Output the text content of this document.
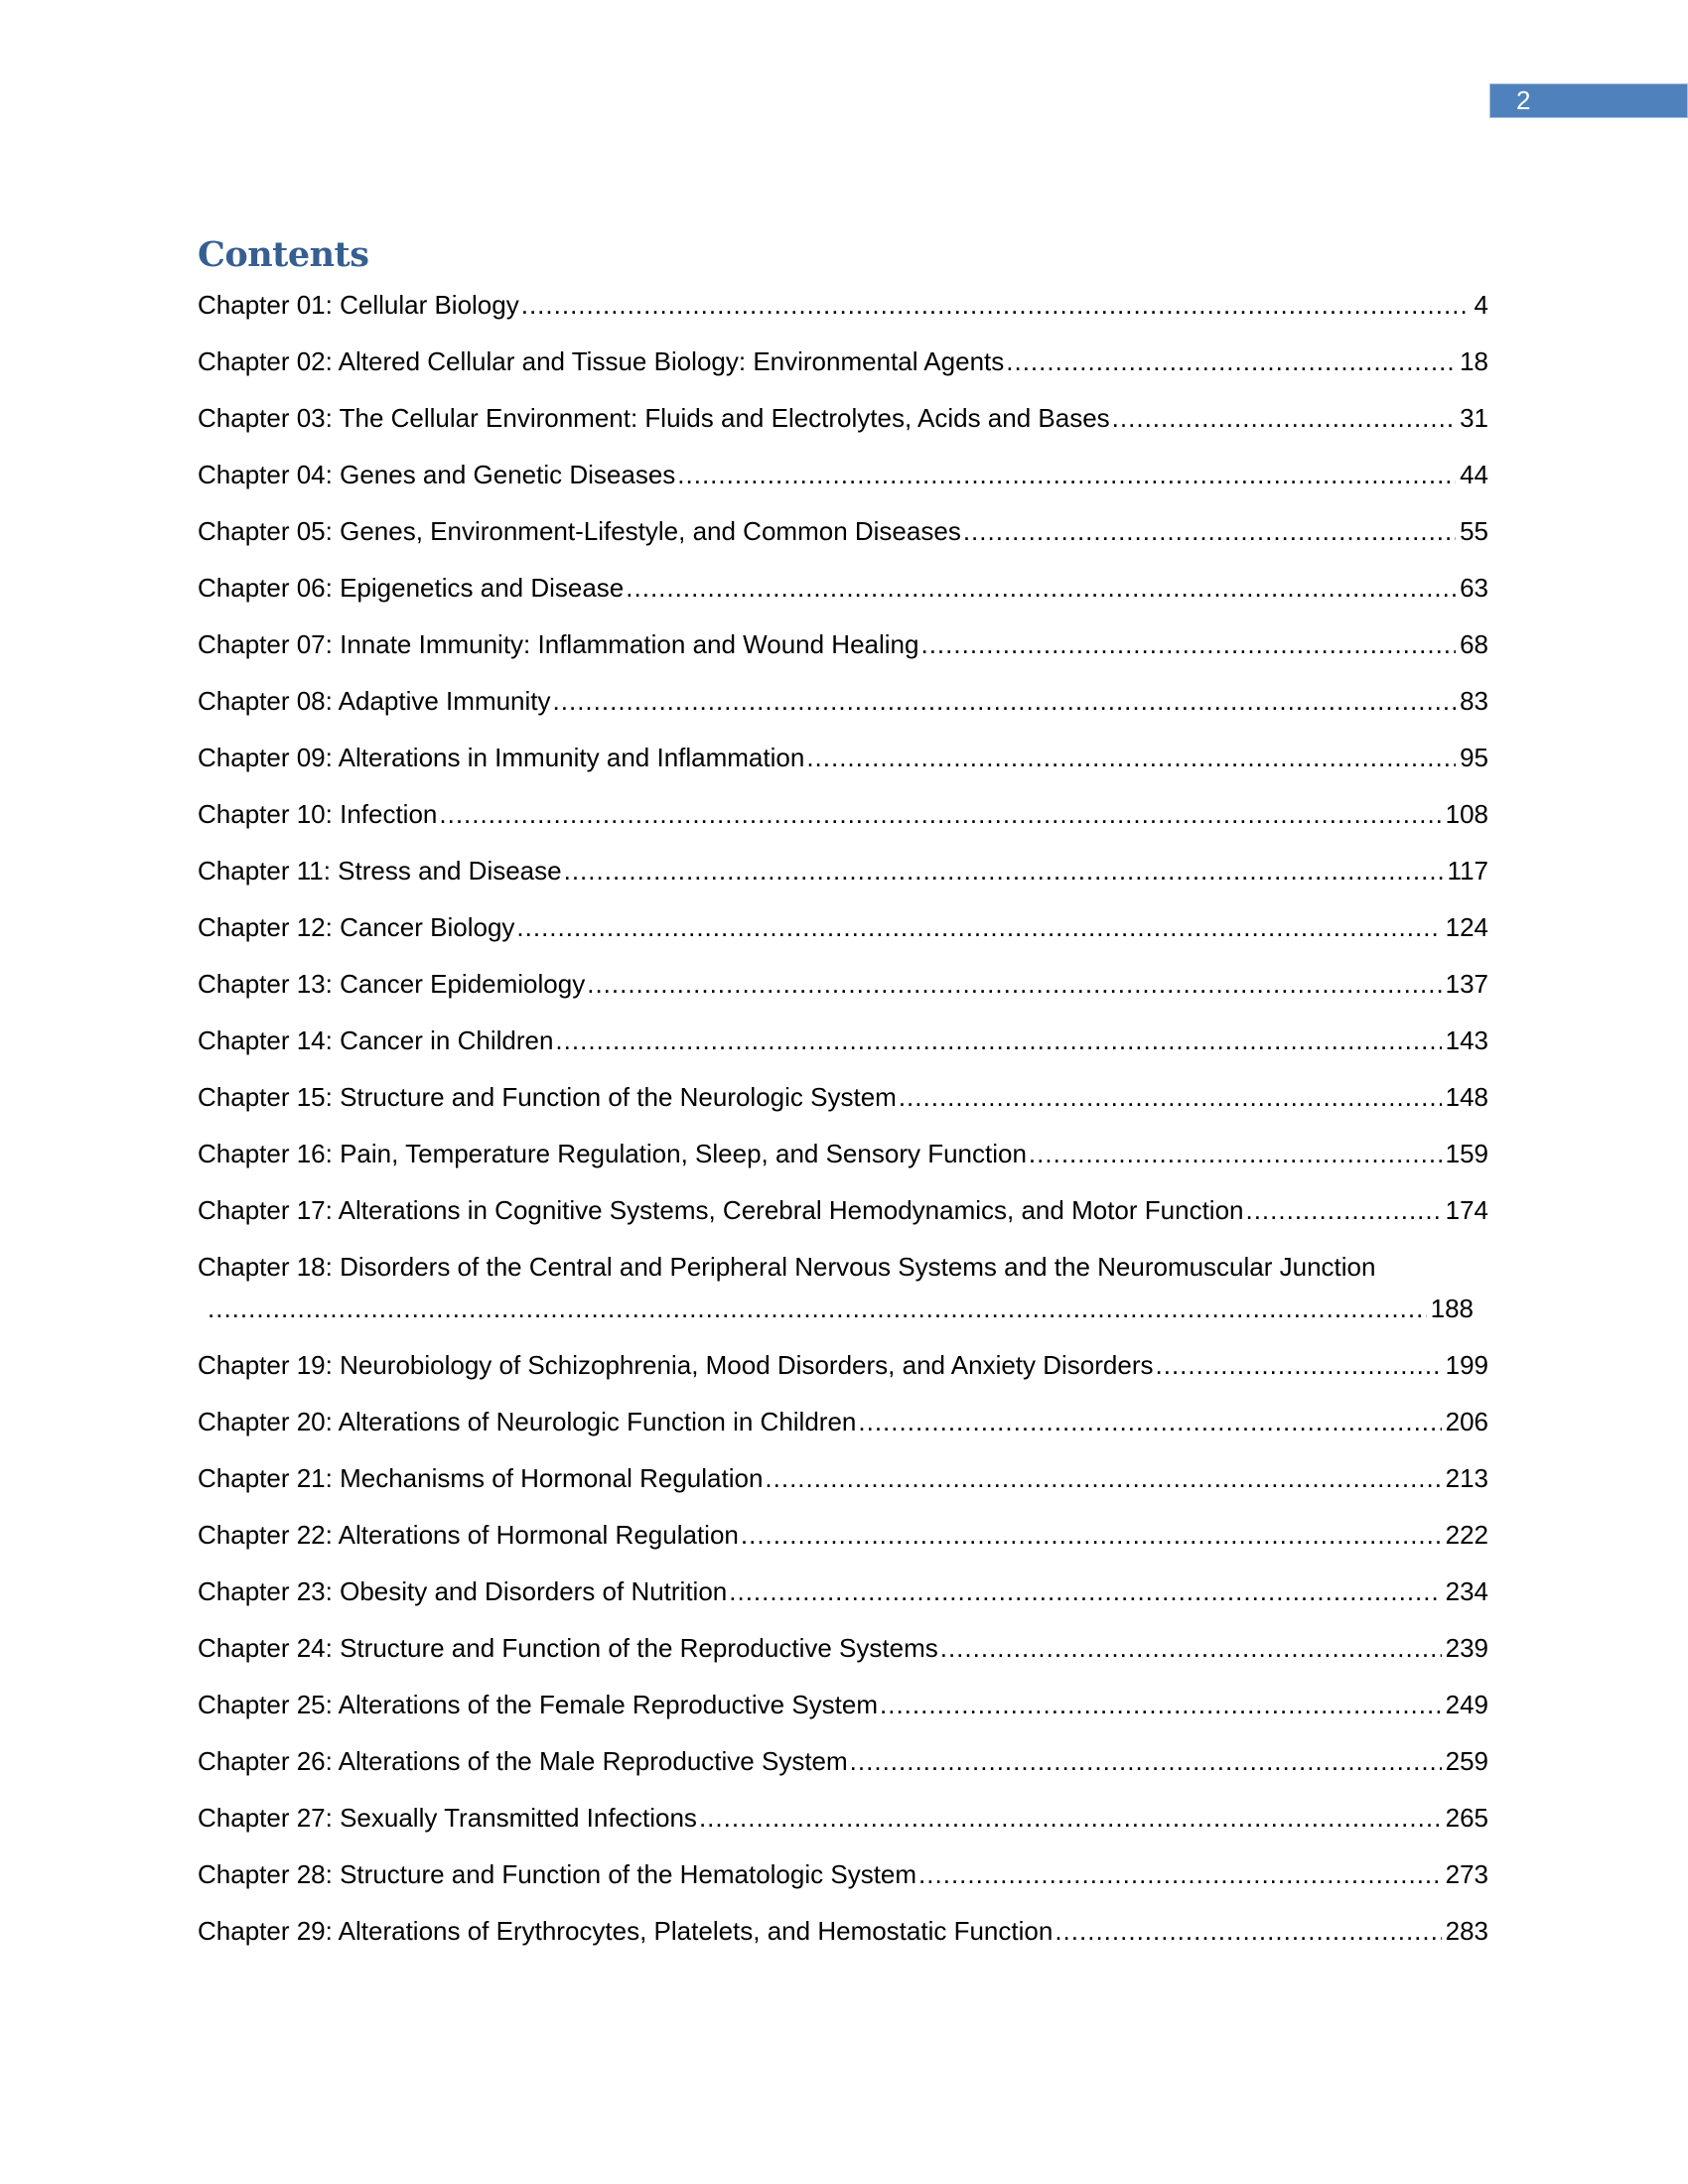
2
Contents
Chapter 01: Cellular Biology .....	4
Chapter 02: Altered Cellular and Tissue Biology: Environmental Agents .....	18
Chapter 03: The Cellular Environment: Fluids and Electrolytes, Acids and Bases .....	31
Chapter 04: Genes and Genetic Diseases .....	44
Chapter 05: Genes, Environment-Lifestyle, and Common Diseases .....	55
Chapter 06: Epigenetics and Disease .....	63
Chapter 07: Innate Immunity: Inflammation and Wound Healing .....	68
Chapter 08: Adaptive Immunity .....	83
Chapter 09: Alterations in Immunity and Inflammation .....	95
Chapter 10: Infection .....	108
Chapter 11: Stress and Disease .....	117
Chapter 12: Cancer Biology .....	124
Chapter 13: Cancer Epidemiology .....	137
Chapter 14: Cancer in Children .....	143
Chapter 15: Structure and Function of the Neurologic System .....	148
Chapter 16: Pain, Temperature Regulation, Sleep, and Sensory Function .....	159
Chapter 17: Alterations in Cognitive Systems, Cerebral Hemodynamics, and Motor Function .....	174
Chapter 18: Disorders of the Central and Peripheral Nervous Systems and the Neuromuscular Junction
.....
188
Chapter 19: Neurobiology of Schizophrenia, Mood Disorders, and Anxiety Disorders .....	199
Chapter 20: Alterations of Neurologic Function in Children .....	206
Chapter 21: Mechanisms of Hormonal Regulation .....	213
Chapter 22: Alterations of Hormonal Regulation .....	222
Chapter 23: Obesity and Disorders of Nutrition .....	234
Chapter 24: Structure and Function of the Reproductive Systems .....	239
Chapter 25: Alterations of the Female Reproductive System .....	249
Chapter 26: Alterations of the Male Reproductive System .....	259
Chapter 27: Sexually Transmitted Infections .....	265
Chapter 28: Structure and Function of the Hematologic System .....	273
Chapter 29: Alterations of Erythrocytes, Platelets, and Hemostatic Function .....	283
